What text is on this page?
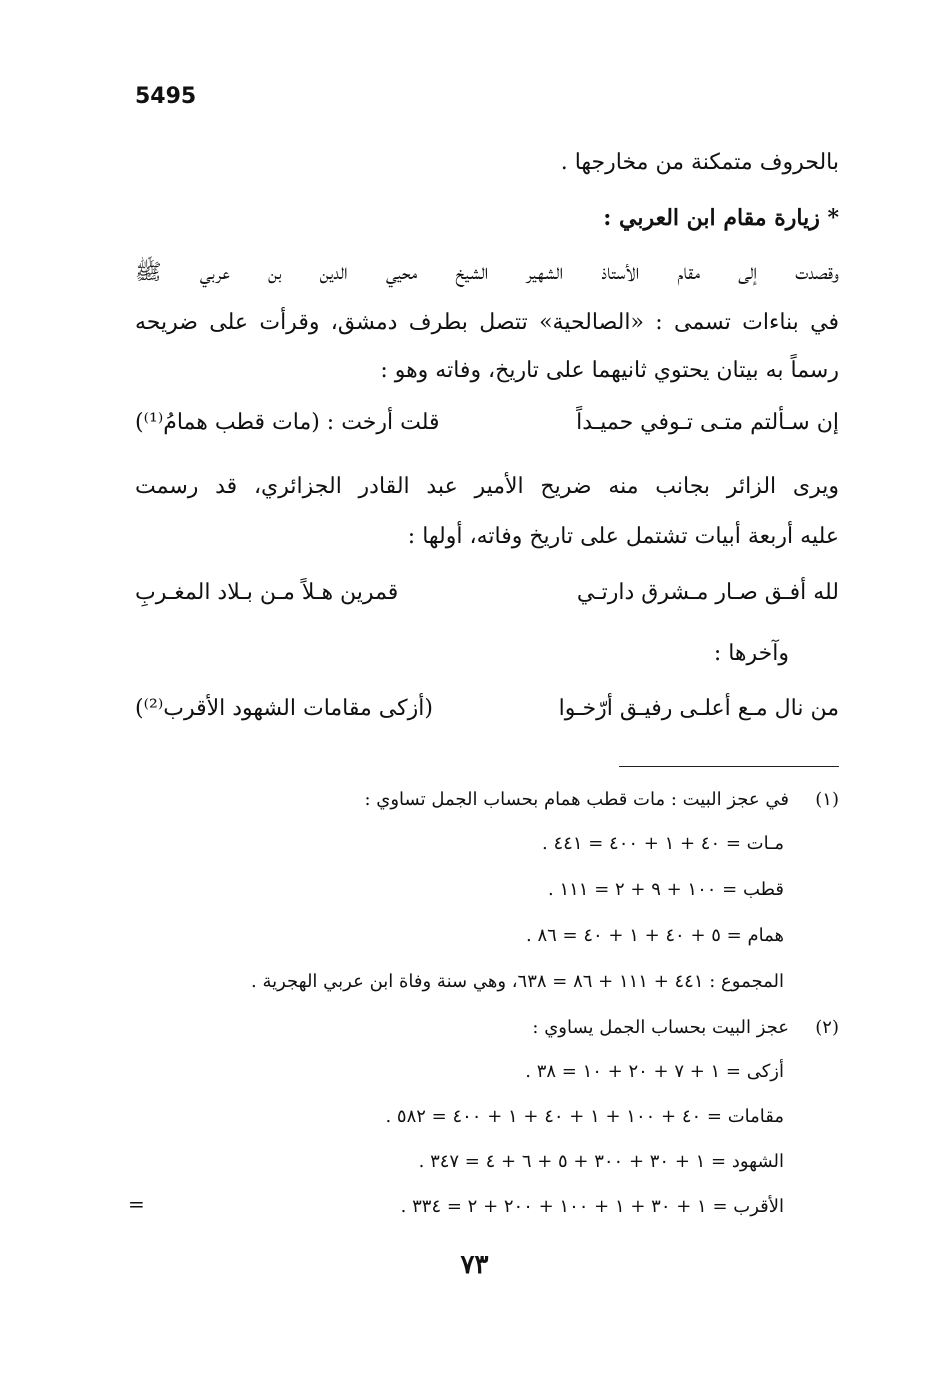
5495
بالحروف متمكنة من مخارجها .
* زيارة مقام ابن العربي :
وقصدت إلى مقام الأستاذ الشهير الشيخ محيي الدين بن عربي ﷺ
في بناءات تسمى : «الصالحية» تتصل بطرف دمشق، وقرأت على ضريحه
رسماً به بيتان يحتوي ثانيهما على تاريخ، وفاته وهو :
إن سـألتم متـى تـوفي حميـداً
قلت أرخت : (مات قطب همامُ⁽¹⁾)
ويرى الزائر بجانب منه ضريح الأمير عبد القادر الجزائري، قد رسمت
عليه أربعة أبيات تشتمل على تاريخ وفاته، أولها :
لله أفـق صـار مـشرق دارتـي
قمرين هـلاً مـن بـلاد المغـربِ
وآخرها :
من نال مـع أعلـى رفيـق أرّخـوا
(أزكى مقامات الشهود الأقرب⁽²⁾)
(١)
في عجز البيت : مات قطب همام بحساب الجمل تساوي :
مـات = ٤٠ + ١ + ٤٠٠ = ٤٤١ .
قطب = ١٠٠ + ٩ + ٢ = ١١١ .
همام = ٥ + ٤٠ + ١ + ٤٠ = ٨٦ .
المجموع : ٤٤١ + ١١١ + ٨٦ = ٦٣٨، وهي سنة وفاة ابن عربي الهجرية .
(٢)
عجز البيت بحساب الجمل يساوي :
أزكى = ١ + ٧ + ٢٠ + ١٠ = ٣٨ .
مقامات = ٤٠ + ١٠٠ + ١ + ٤٠ + ١ + ٤٠٠ = ٥٨٢ .
الشهود = ١ + ٣٠ + ٣٠٠ + ٥ + ٦ + ٤ = ٣٤٧ .
الأقرب = ١ + ٣٠ + ١ + ١٠٠ + ٢٠٠ + ٢ = ٣٣٤ .
=
٧٣
